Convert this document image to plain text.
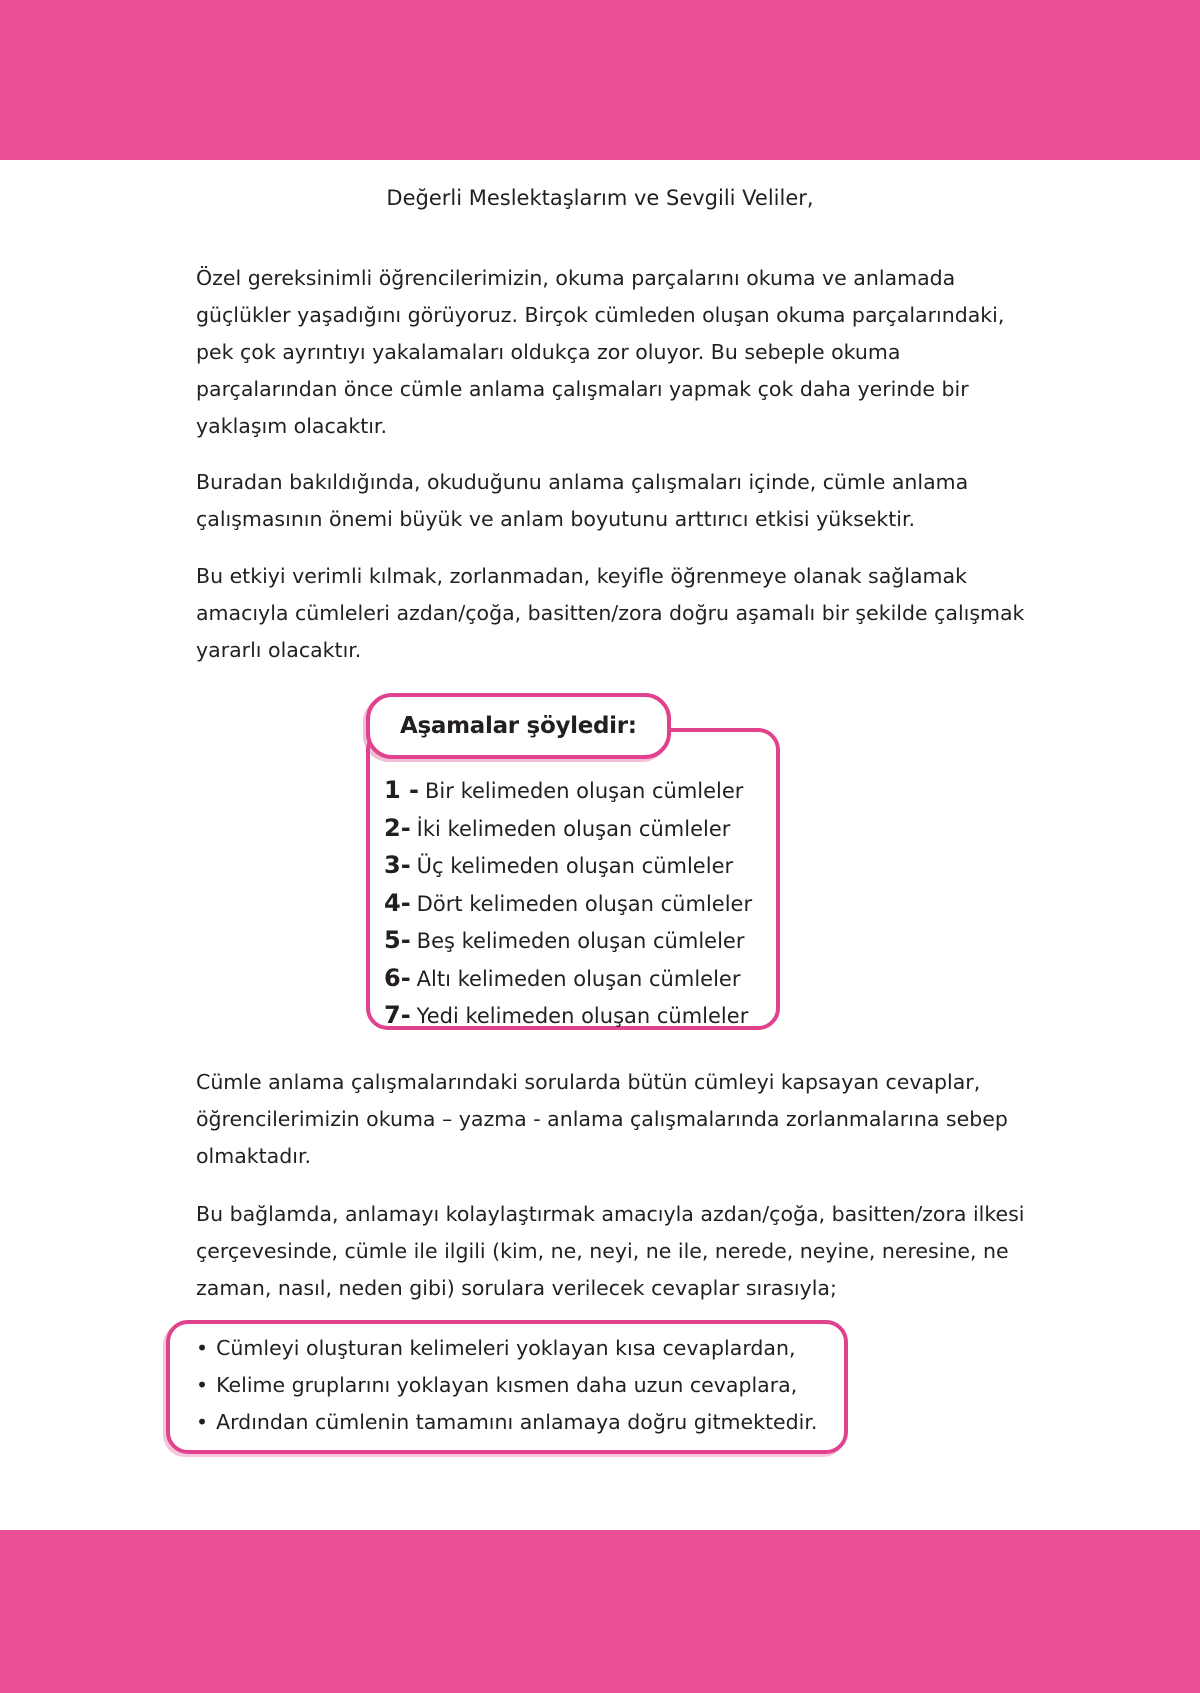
Değerli Meslektaşlarım ve Sevgili Veliler,

Özel gereksinimli öğrencilerimizin, okuma parçalarını okuma ve anlamada güçlükler yaşadığını görüyoruz. Birçok cümleden oluşan okuma parçalarındaki, pek çok ayrıntıyı yakalamaları oldukça zor oluyor. Bu sebeple okuma parçalarından önce cümle anlama çalışmaları yapmak çok daha yerinde bir yaklaşım olacaktır.

Buradan bakıldığında, okuduğunu anlama çalışmaları içinde, cümle anlama çalışmasının önemi büyük ve anlam boyutunu arttırıcı etkisi yüksektir.

Bu etkiyi verimli kılmak, zorlanmadan, keyifle öğrenmeye olanak sağlamak amacıyla cümleleri azdan/çoğa, basitten/zora doğru aşamalı bir şekilde çalışmak yararlı olacaktır.

Aşamalar şöyledir:
1 - Bir kelimeden oluşan cümleler
2- İki kelimeden oluşan cümleler
3- Üç kelimeden oluşan cümleler
4- Dört kelimeden oluşan cümleler
5- Beş kelimeden oluşan cümleler
6- Altı kelimeden oluşan cümleler
7- Yedi kelimeden oluşan cümleler

Cümle anlama çalışmalarındaki sorularda bütün cümleyi kapsayan cevaplar, öğrencilerimizin okuma – yazma - anlama çalışmalarında zorlanmalarına sebep olmaktadır.

Bu bağlamda, anlamayı kolaylaştırmak amacıyla azdan/çoğa, basitten/zora ilkesi çerçevesinde, cümle ile ilgili (kim, ne, neyi, ne ile, nerede, neyine, neresine, ne zaman, nasıl, neden gibi) sorulara verilecek cevaplar sırasıyla;

• Cümleyi oluşturan kelimeleri yoklayan kısa cevaplardan,
• Kelime gruplarını yoklayan kısmen daha uzun cevaplara,
• Ardından cümlenin tamamını anlamaya doğru gitmektedir.
